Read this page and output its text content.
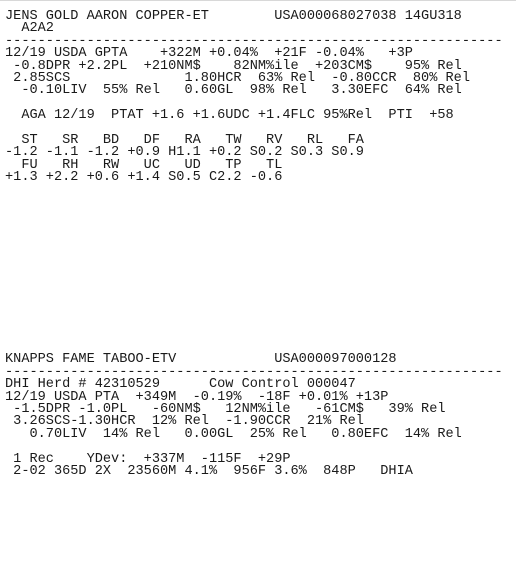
JENS GOLD AARON COPPER-ET        USA000068027038 14GU318
A2A2
-------------------------------------------------------------
12/19 USDA GPTA    +322M +0.04%  +21F -0.04%   +3P
-0.8DPR +2.2PL  +210NM$    82NM%ile  +203CM$    95% Rel
2.85SCS              1.80HCR  63% Rel  -0.80CCR  80% Rel
-0.10LIV  55% Rel   0.60GL  98% Rel   3.30EFC  64% Rel
AGA 12/19  PTAT +1.6 +1.6UDC +1.4FLC 95%Rel  PTI  +58
ST   SR   BD   DF   RA   TW   RV   RL   FA
-1.2 -1.1 -1.2 +0.9 H1.1 +0.2 S0.2 S0.3 S0.9
FU   RH   RW   UC   UD   TP   TL
+1.3 +2.2 +0.6 +1.4 S0.5 C2.2 -0.6
KNAPPS FAME TABOO-ETV            USA000097000128
-------------------------------------------------------------
DHI Herd # 42310529      Cow Control 000047
12/19 USDA PTA  +349M  -0.19%  -18F +0.01% +13P
-1.5DPR -1.0PL   -60NM$   12NM%ile   -61CM$   39% Rel
3.26SCS-1.30HCR  12% Rel  -1.90CCR  21% Rel
0.70LIV  14% Rel   0.00GL  25% Rel   0.80EFC  14% Rel
1 Rec    YDev:  +337M  -115F  +29P
2-02 365D 2X  23560M 4.1%  956F 3.6%  848P   DHIA
